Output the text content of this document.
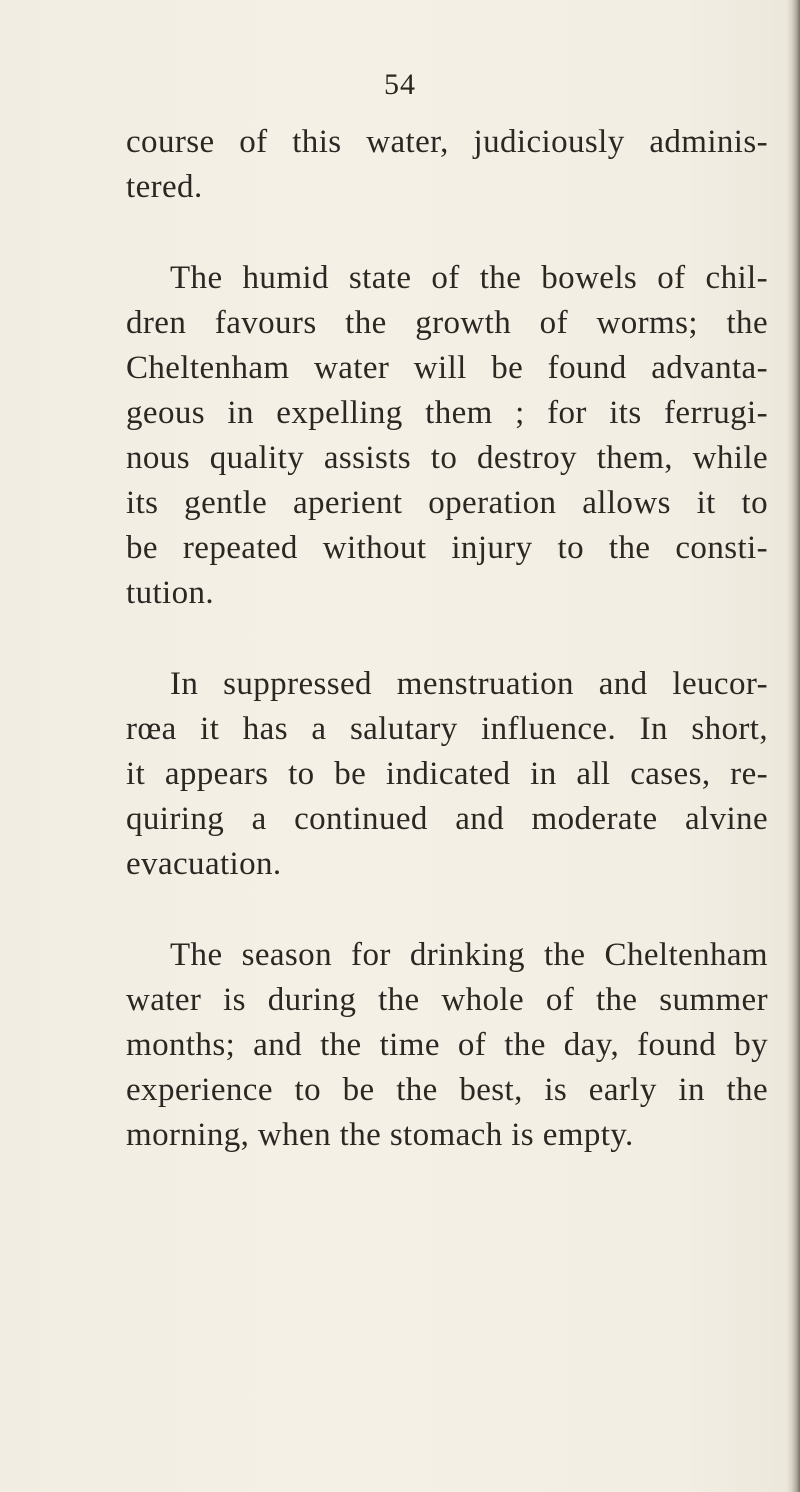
54
course of this water, judiciously adminis-
tered.
The humid state of the bowels of chil-
dren favours the growth of worms; the
Cheltenham water will be found advanta-
geous in expelling them ; for its ferrugi-
nous quality assists to destroy them, while
its gentle aperient operation allows it to
be repeated without injury to the consti-
tution.
In suppressed menstruation and leucor-
rœa it has a salutary influence. In short,
it appears to be indicated in all cases, re-
quiring a continued and moderate alvine
evacuation.
The season for drinking the Cheltenham
water is during the whole of the summer
months; and the time of the day, found by
experience to be the best, is early in the
morning, when the stomach is empty.
